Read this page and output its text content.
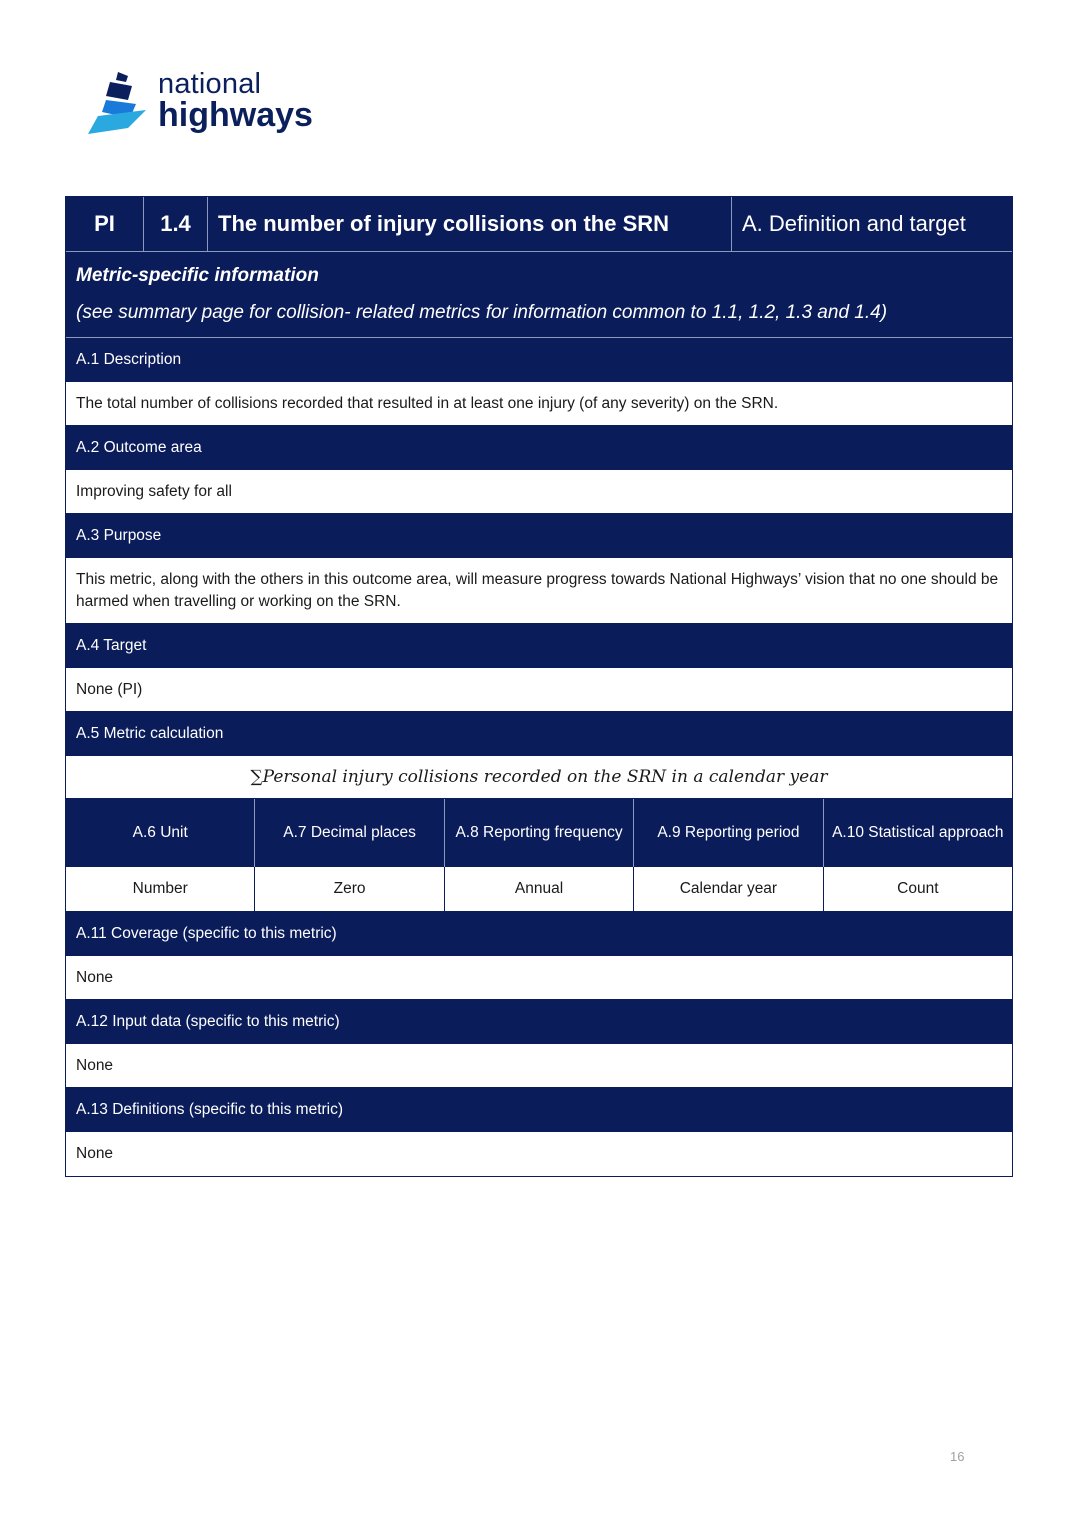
national
highways
PI	1.4	The number of injury collisions on the SRN	A. Definition and target
Metric-specific information
(see summary page for collision- related metrics for information common to 1.1, 1.2, 1.3 and 1.4)
A.1 Description
The total number of collisions recorded that resulted in at least one injury (of any severity) on the SRN.
A.2 Outcome area
Improving safety for all
A.3 Purpose
This metric, along with the others in this outcome area, will measure progress towards National Highways’ vision that no one should be harmed when travelling or working on the SRN.
A.4 Target
None (PI)
A.5 Metric calculation
∑ Personal injury collisions recorded on the SRN in a calendar year
A.6 Unit	A.7 Decimal places	A.8 Reporting frequency	A.9 Reporting period	A.10 Statistical approach
Number	Zero	Annual	Calendar year	Count
A.11 Coverage (specific to this metric)
None
A.12 Input data (specific to this metric)
None
A.13 Definitions (specific to this metric)
None
16
